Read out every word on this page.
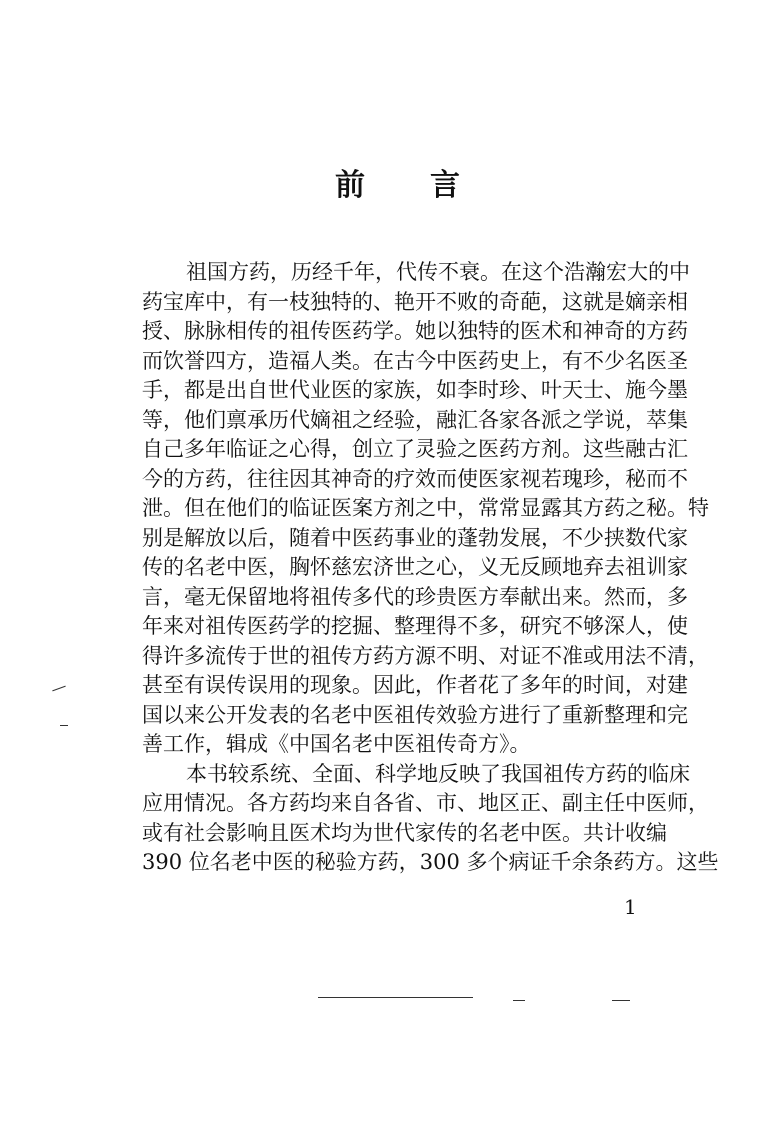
前 言
祖国方药，历经千年，代传不衰。在这个浩瀚宏大的中
药宝库中，有一枝独特的、艳开不败的奇葩，这就是嫡亲相
授、脉脉相传的祖传医药学。她以独特的医术和神奇的方药
而饮誉四方，造福人类。在古今中医药史上，有不少名医圣
手，都是出自世代业医的家族，如李时珍、叶天士、施今墨
等，他们禀承历代嫡祖之经验，融汇各家各派之学说，萃集
自己多年临证之心得，创立了灵验之医药方剂。这些融古汇
今的方药，往往因其神奇的疗效而使医家视若瑰珍，秘而不
泄。但在他们的临证医案方剂之中，常常显露其方药之秘。特
别是解放以后，随着中医药事业的蓬勃发展，不少挟数代家
传的名老中医，胸怀慈宏济世之心，义无反顾地弃去祖训家
言，毫无保留地将祖传多代的珍贵医方奉献出来。然而，多
年来对祖传医药学的挖掘、整理得不多，研究不够深人，使
得许多流传于世的祖传方药方源不明、对证不准或用法不清，
甚至有误传误用的现象。因此，作者花了多年的时间，对建
国以来公开发表的名老中医祖传效验方进行了重新整理和完
善工作，辑成《中国名老中医祖传奇方》。
本书较系统、全面、科学地反映了我国祖传方药的临床
应用情况。各方药均来自各省、市、地区正、副主任中医师，
或有社会影响且医术均为世代家传的名老中医。共计收编
390 位名老中医的秘验方药，300 多个病证千余条药方。这些
1
